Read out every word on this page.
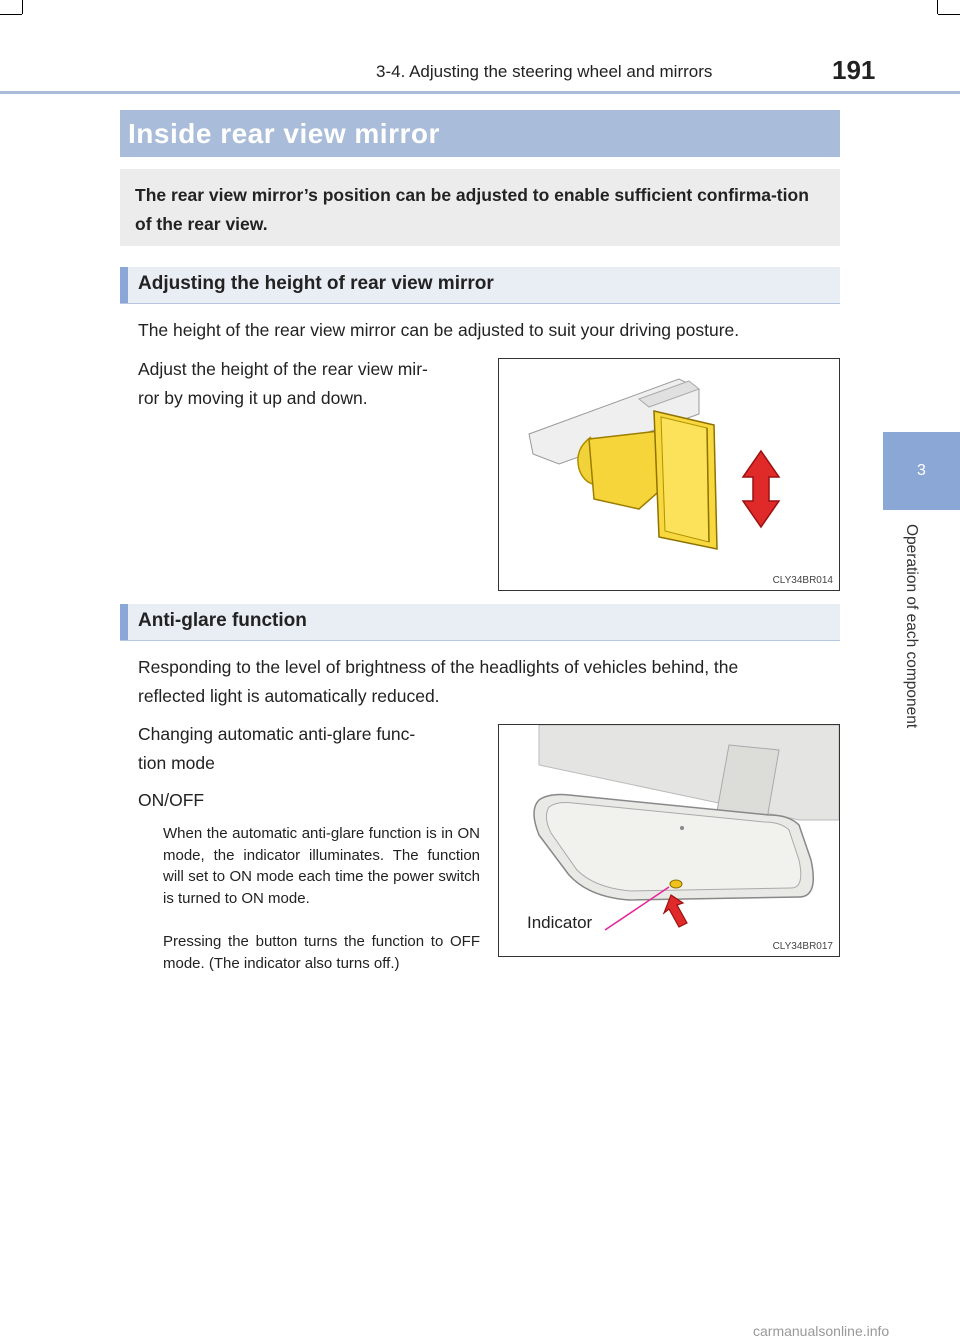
3-4. Adjusting the steering wheel and mirrors	191
3
Operation of each component
Inside rear view mirror

The rear view mirror’s position can be adjusted to enable sufficient confirma-tion of the rear view.

Adjusting the height of rear view mirror

The height of the rear view mirror can be adjusted to suit your driving posture.

Adjust the height of the rear view mir-

ror by moving it up and down.

CLY34BR014
Anti-glare function

Responding to the level of brightness of the headlights of vehicles behind, the

reflected light is automatically reduced.

Changing automatic anti-glare func-

tion mode

ON/OFF

When the automatic anti-glare function is in ON mode, the indicator illuminates. The function will set to ON mode each time the power switch is turned to ON mode.

Pressing the button turns the function to OFF mode. (The indicator also turns off.)

Indicator
CLY34BR017
carmanualsonline.info
